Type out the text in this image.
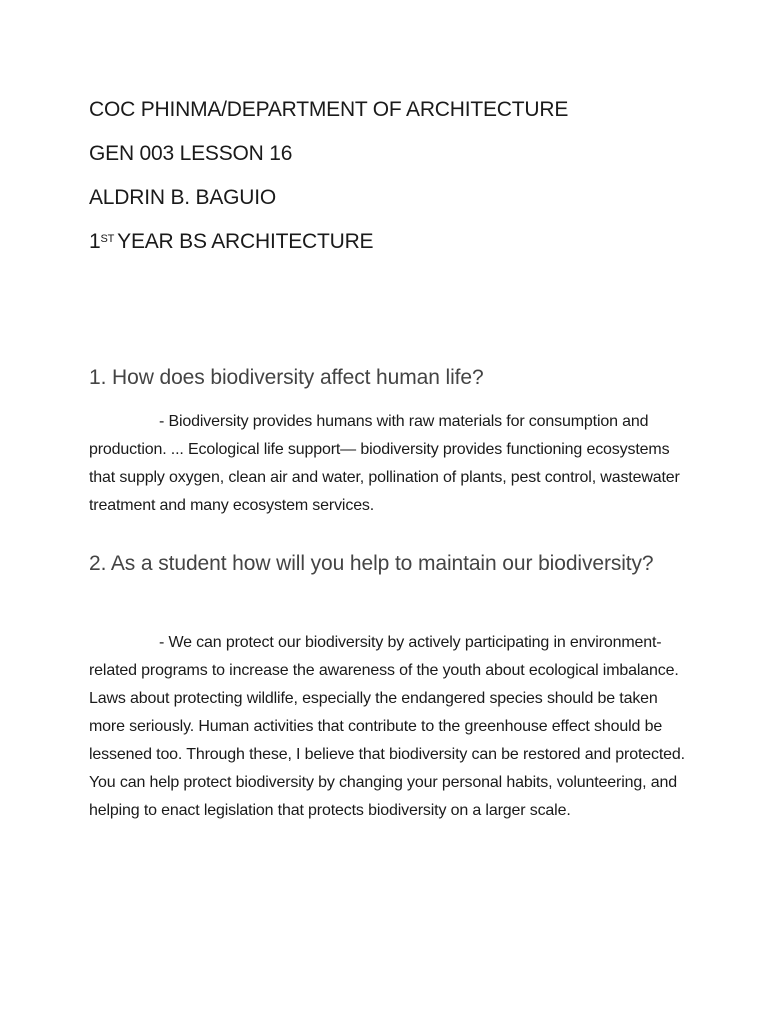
COC PHINMA/DEPARTMENT OF ARCHITECTURE
GEN 003 LESSON 16
ALDRIN B. BAGUIO
1ST YEAR BS ARCHITECTURE
1. How does biodiversity affect human life?
- Biodiversity provides humans with raw materials for consumption and production. ... Ecological life support— biodiversity provides functioning ecosystems that supply oxygen, clean air and water, pollination of plants, pest control, wastewater treatment and many ecosystem services.
2. As a student how will you help to maintain our biodiversity?
- We can protect our biodiversity by actively participating in environment-related programs to increase the awareness of the youth about ecological imbalance. Laws about protecting wildlife, especially the endangered species should be taken more seriously. Human activities that contribute to the greenhouse effect should be lessened too. Through these, I believe that biodiversity can be restored and protected. You can help protect biodiversity by changing your personal habits, volunteering, and helping to enact legislation that protects biodiversity on a larger scale.
